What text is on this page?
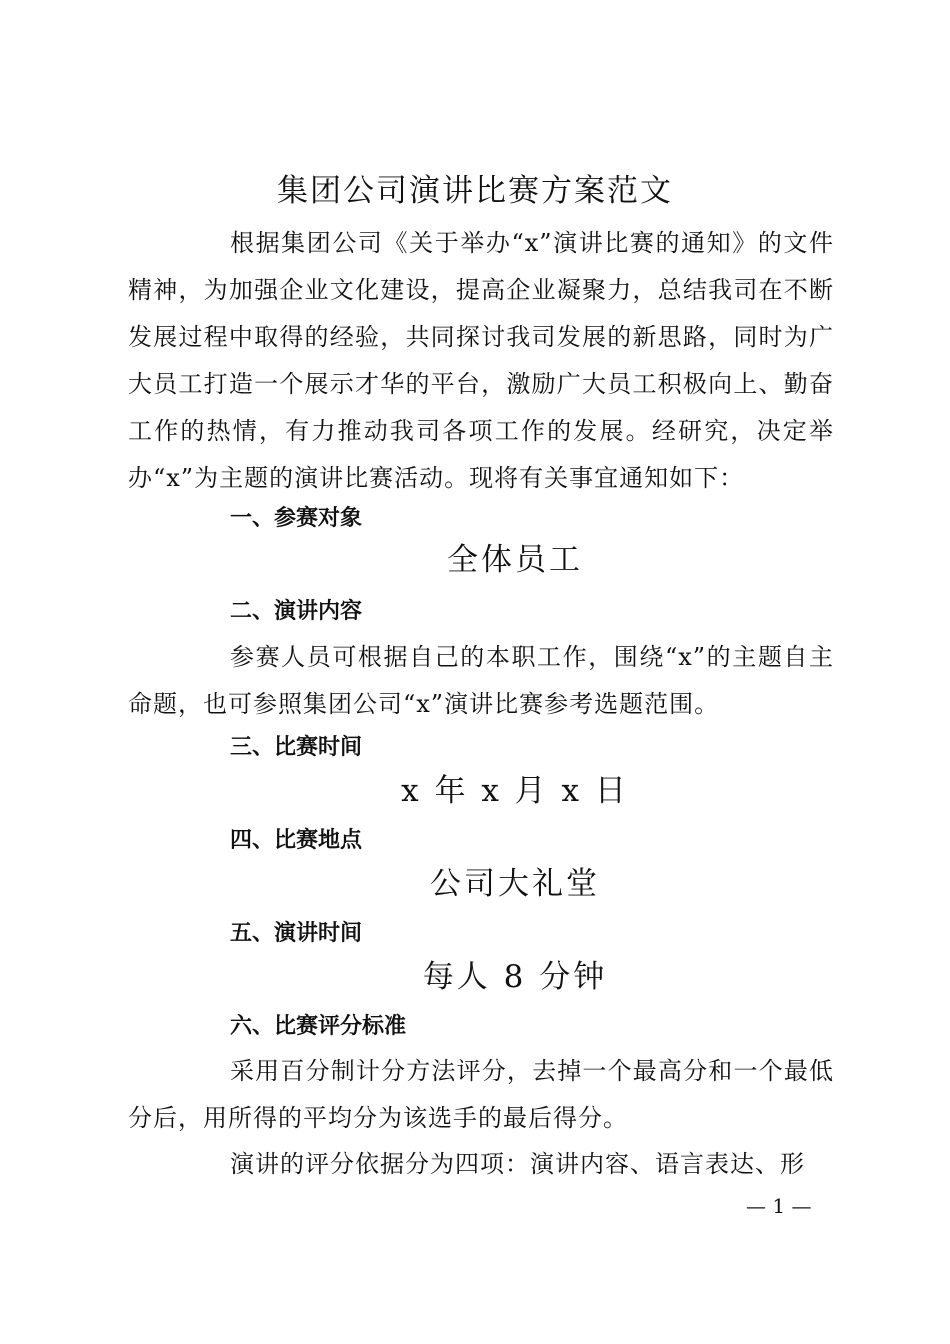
集团公司演讲比赛方案范文

根据集团公司《关于举办“x”演讲比赛的通知》的文件精神，为加强企业文化建设，提高企业凝聚力，总结我司在不断发展过程中取得的经验，共同探讨我司发展的新思路，同时为广大员工打造一个展示才华的平台，激励广大员工积极向上、勤奋工作的热情，有力推动我司各项工作的发展。经研究，决定举办“x”为主题的演讲比赛活动。现将有关事宜通知如下：

一、参赛对象
全体员工
二、演讲内容

参赛人员可根据自己的本职工作，围绕“x”的主题自主命题，也可参照集团公司“x”演讲比赛参考选题范围。

三、比赛时间
x 年 x 月 x 日
四、比赛地点
公司大礼堂
五、演讲时间
每人 8 分钟
六、比赛评分标准

采用百分制计分方法评分，去掉一个最高分和一个最低分后，用所得的平均分为该选手的最后得分。

演讲的评分依据分为四项：演讲内容、语言表达、形

— 1 —
